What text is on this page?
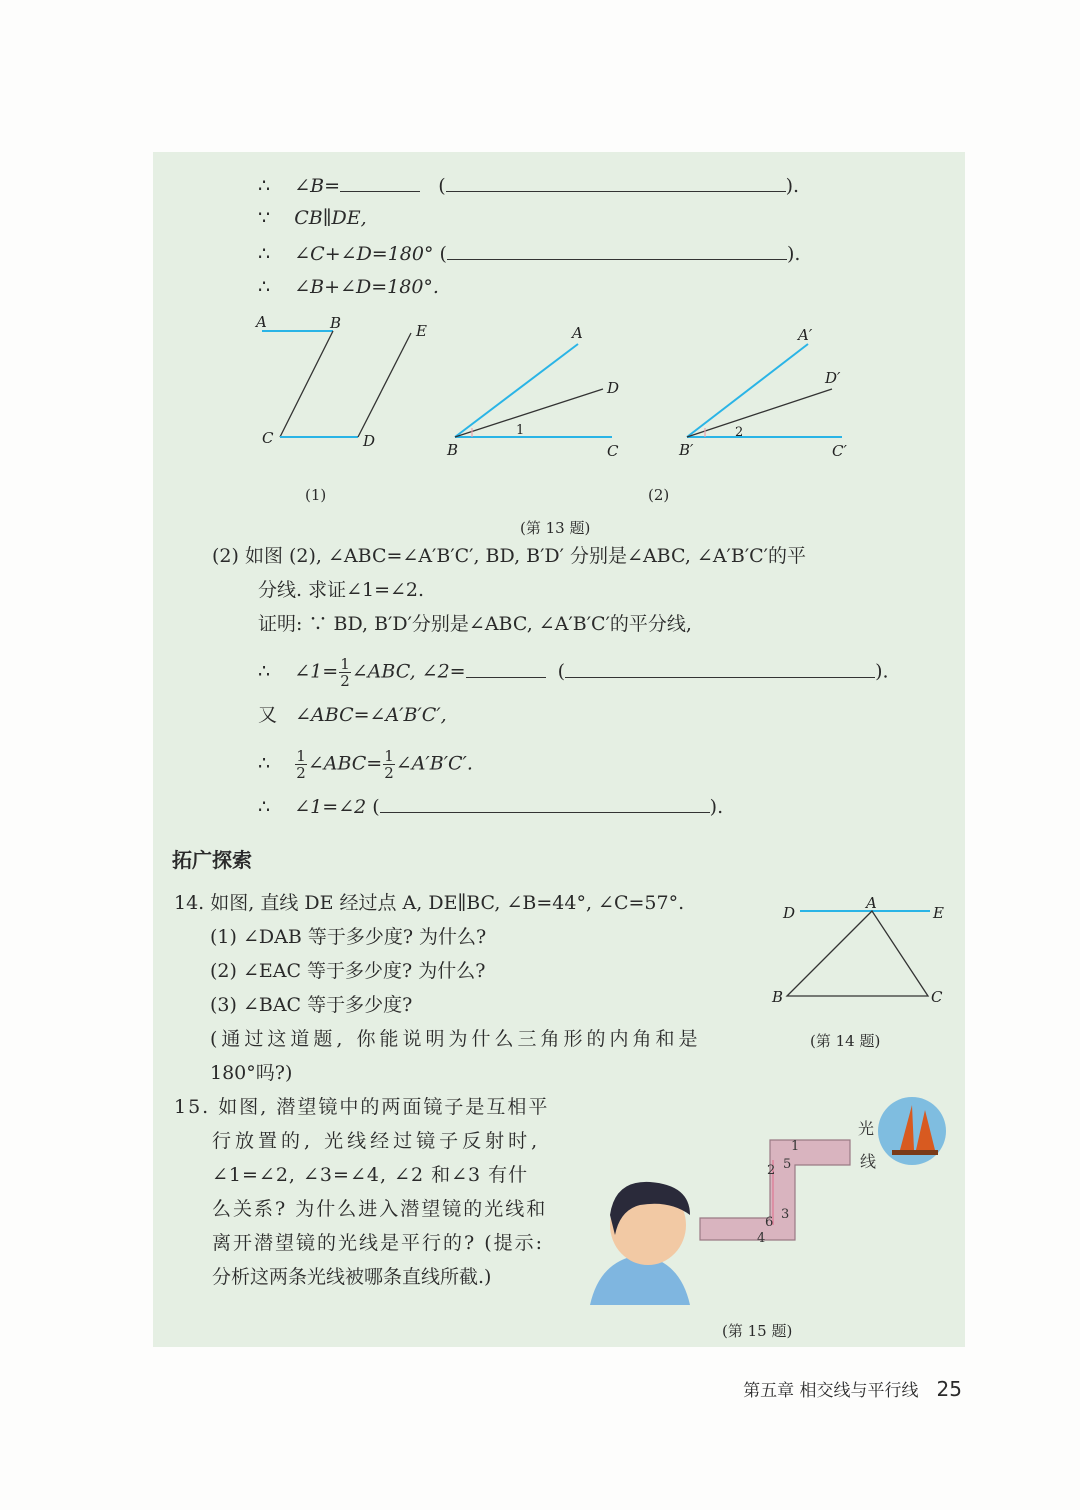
∴ ∠B=	(	).
∵ CB∥DE,
∴ ∠C+∠D=180° (	).
∴ ∠B+∠D=180°.
A	B	E
C	D
A
D
B	C
1
A′
D′
B′	C′
2
D
A
E
B	C
光
线
1
2
3
4
5
6
(1)	(2)
(第 13 题)
(2) 如图 (2), ∠ABC=∠A′B′C′, BD, B′D′ 分别是∠ABC, ∠A′B′C′的平
分线. 求证∠1=∠2.
证明: ∵ BD, B′D′分别是∠ABC, ∠A′B′C′的平分线,
∴ ∠1= $\frac{1}{2}$ ∠ABC, ∠2=	(	).
又 ∠ABC=∠A′B′C′,
∴ $\frac{1}{2}$ ∠ABC= $\frac{1}{2}$ ∠A′B′C′.
∴ ∠1=∠2 (	).
拓广探索
14. 如图, 直线 DE 经过点 A, DE∥BC, ∠B=44°, ∠C=57°.
(1) ∠DAB 等于多少度? 为什么?
(2) ∠EAC 等于多少度? 为什么?
(3) ∠BAC 等于多少度?
(通过这道题, 你能说明为什么三角形的内角和是
180°吗?)
(第 14 题)
15. 如图, 潜望镜中的两面镜子是互相平
行放置的, 光线经过镜子反射时,
∠1=∠2, ∠3=∠4, ∠2 和∠3 有什
么关系? 为什么进入潜望镜的光线和
离开潜望镜的光线是平行的? (提示:
分析这两条光线被哪条直线所截.)
(第 15 题)
第五章 相交线与平行线 25
